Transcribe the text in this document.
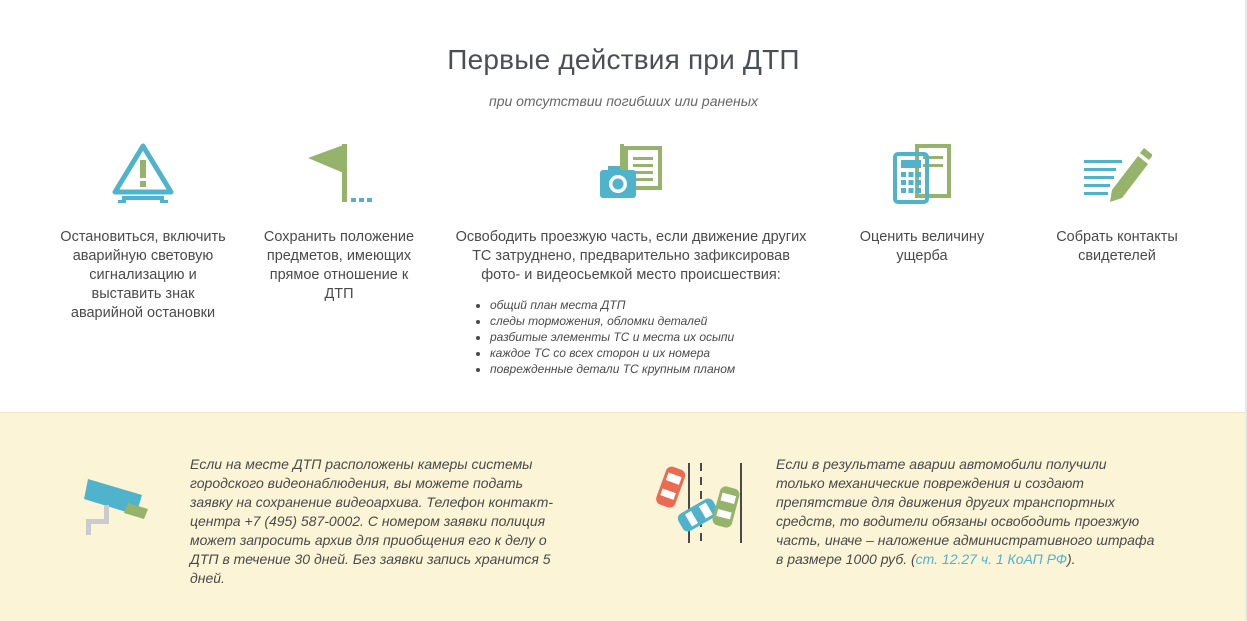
Первые действия при ДТП
при отсутствии погибших или раненых
Остановиться, включить аварийную световую сигнализацию и выставить знак аварийной остановки
Сохранить положение предметов, имеющих прямое отношение к ДТП
Освободить проезжую часть, если движение других ТС затруднено, предварительно зафиксировав фото- и видеосьемкой место происшествия:
• общий план места ДТП
• следы торможения, обломки деталей
• разбитые элементы ТС и места их осыпи
• каждое ТС со всех сторон и их номера
• поврежденные детали ТС крупным планом
Оценить величину ущерба
Собрать контакты свидетелей
Если на месте ДТП расположены камеры системы городского видеонаблюдения, вы можете подать заявку на сохранение видеоархива. Телефон контакт-центра +7 (495) 587-0002. С номером заявки полиция может запросить архив для приобщения его к делу о ДТП в течение 30 дней. Без заявки запись хранится 5 дней.
Если в результате аварии автомобили получили только механические повреждения и создают препятствие для движения других транспортных средств, то водители обязаны освободить проезжую часть, иначе – наложение административного штрафа в размере 1000 руб. (ст. 12.27 ч. 1 КоАП РФ).
